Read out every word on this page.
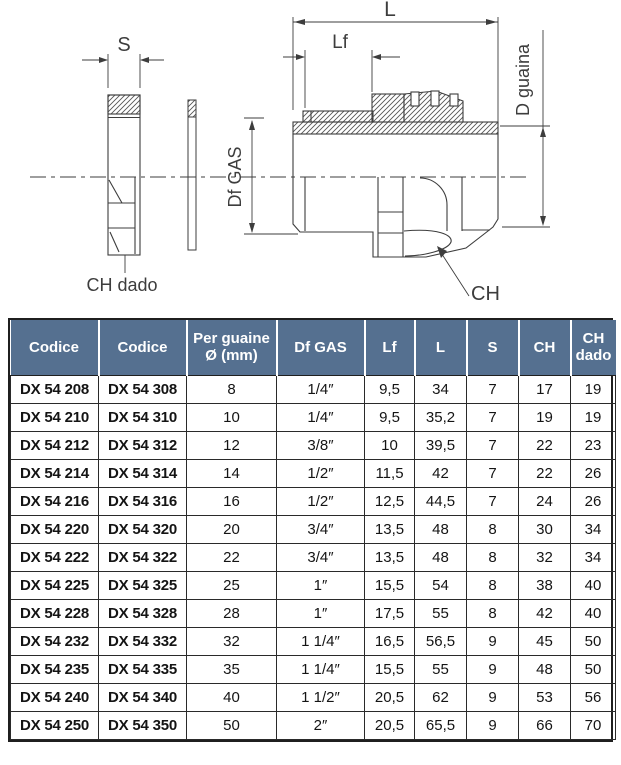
S
L
Lf
Df GAS
D guaina
CH
CH dado
Codice	Codice	Per guaine Ø (mm)	Df GAS	Lf	L	S	CH	CH dado
DX 54 208	DX 54 308	8	1/4″	9,5	34	7	17	19
DX 54 210	DX 54 310	10	1/4″	9,5	35,2	7	19	19
DX 54 212	DX 54 312	12	3/8″	10	39,5	7	22	23
DX 54 214	DX 54 314	14	1/2″	11,5	42	7	22	26
DX 54 216	DX 54 316	16	1/2″	12,5	44,5	7	24	26
DX 54 220	DX 54 320	20	3/4″	13,5	48	8	30	34
DX 54 222	DX 54 322	22	3/4″	13,5	48	8	32	34
DX 54 225	DX 54 325	25	1″	15,5	54	8	38	40
DX 54 228	DX 54 328	28	1″	17,5	55	8	42	40
DX 54 232	DX 54 332	32	1 1/4″	16,5	56,5	9	45	50
DX 54 235	DX 54 335	35	1 1/4″	15,5	55	9	48	50
DX 54 240	DX 54 340	40	1 1/2″	20,5	62	9	53	56
DX 54 250	DX 54 350	50	2″	20,5	65,5	9	66	70
